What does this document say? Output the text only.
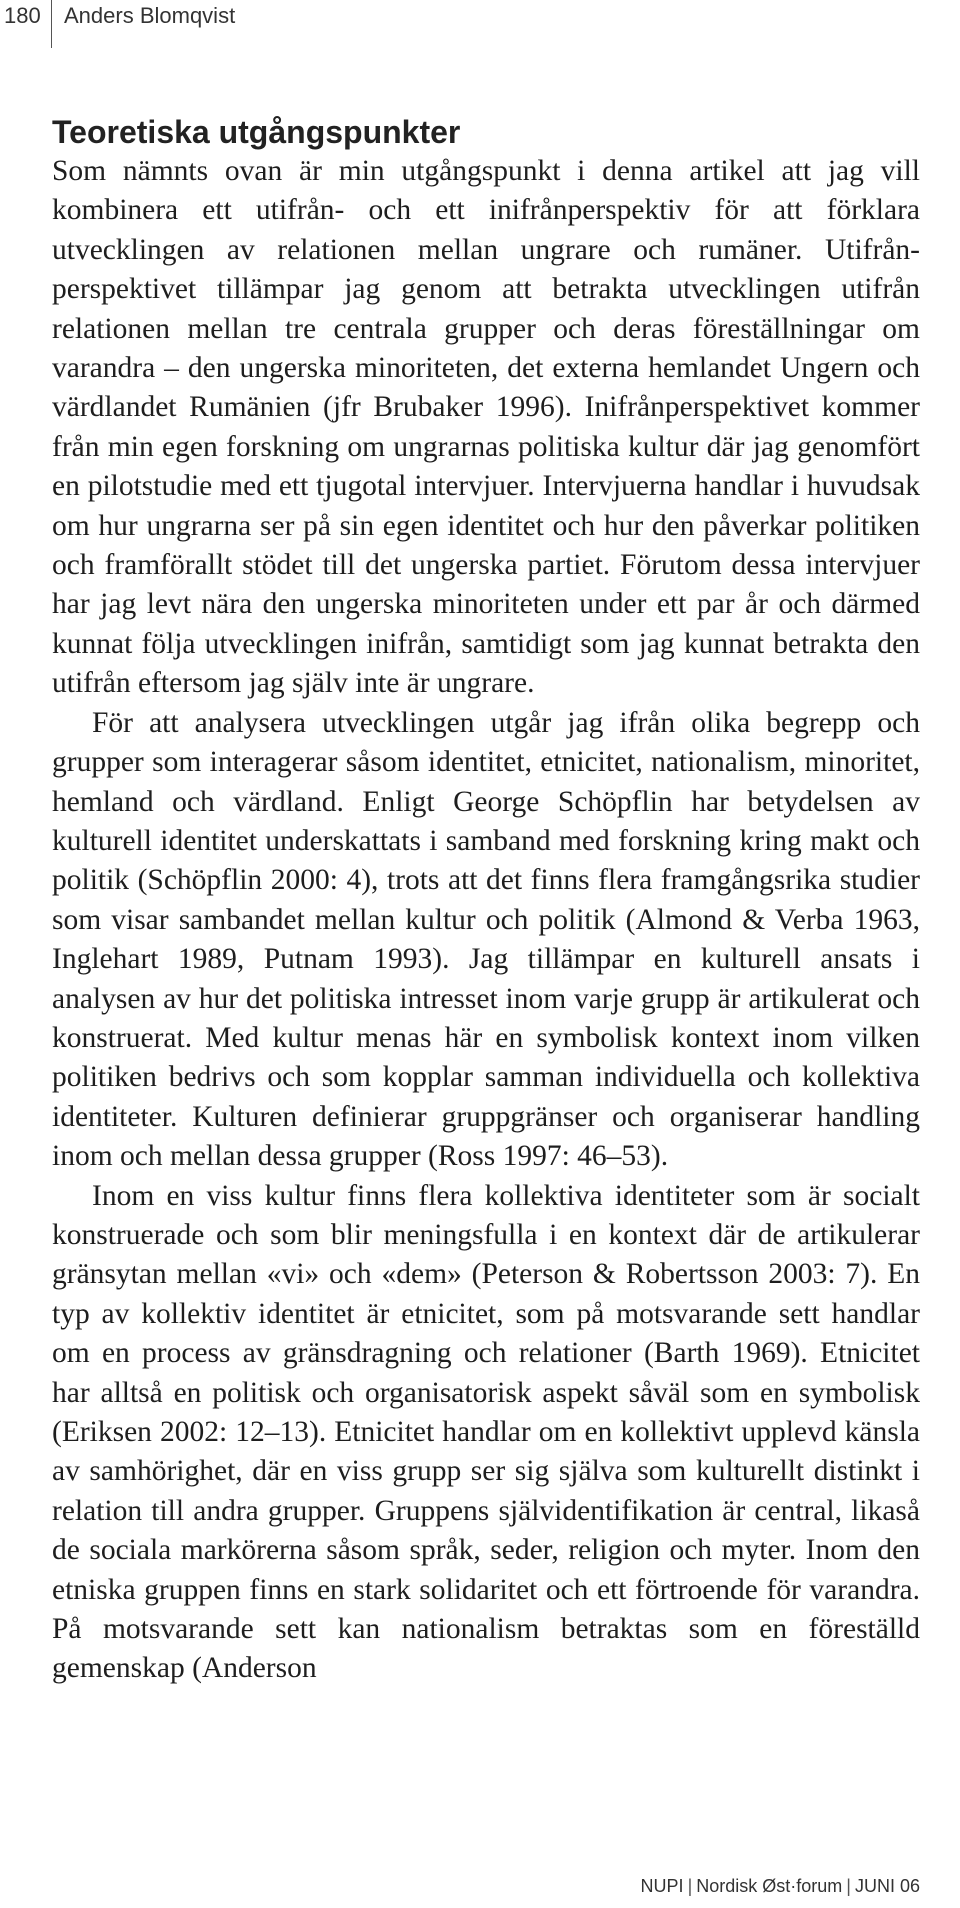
180 Anders Blomqvist
Teoretiska utgångspunkter

Som nämnts ovan är min utgångspunkt i denna artikel att jag vill kombinera ett utifrån- och ett inifrånperspektiv för att förklara utvecklingen av relationen mellan ungrare och rumäner. Utifrånperspektivet tillämpar jag genom att betrakta utvecklingen utifrån relationen mellan tre centrala grupper och deras föreställningar om varandra – den ungerska minoriteten, det externa hemlandet Ungern och värdlandet Rumänien (jfr Brubaker 1996). Inifrånperspektivet kommer från min egen forskning om ungrarnas politiska kultur där jag genomfört en pilotstudie med ett tjugotal intervjuer. Intervjuerna handlar i huvudsak om hur ungrarna ser på sin egen identitet och hur den påverkar politiken och framförallt stödet till det ungerska partiet. Förutom dessa intervjuer har jag levt nära den ungerska minoriteten under ett par år och därmed kunnat följa utvecklingen inifrån, samtidigt som jag kunnat betrakta den utifrån eftersom jag själv inte är ungrare.

För att analysera utvecklingen utgår jag ifrån olika begrepp och grupper som interagerar såsom identitet, etnicitet, nationalism, minoritet, hemland och värdland. Enligt George Schöpflin har betydelsen av kulturell identitet underskattats i samband med forskning kring makt och politik (Schöpflin 2000: 4), trots att det finns flera framgångsrika studier som visar sambandet mellan kultur och politik (Almond & Verba 1963, Inglehart 1989, Putnam 1993). Jag tillämpar en kulturell ansats i analysen av hur det politiska intresset inom varje grupp är artikulerat och konstruerat. Med kultur menas här en symbolisk kontext inom vilken politiken bedrivs och som kopplar samman individuella och kollektiva identiteter. Kulturen definierar gruppgränser och organiserar handling inom och mellan dessa grupper (Ross 1997: 46–53).

Inom en viss kultur finns flera kollektiva identiteter som är socialt konstruerade och som blir meningsfulla i en kontext där de artikulerar gränsytan mellan «vi» och «dem» (Peterson & Robertsson 2003: 7). En typ av kollektiv identitet är etnicitet, som på motsvarande sett handlar om en process av gränsdragning och relationer (Barth 1969). Etnicitet har alltså en politisk och organisatorisk aspekt såväl som en symbolisk (Eriksen 2002: 12–13). Etnicitet handlar om en kollektivt upplevd känsla av samhörighet, där en viss grupp ser sig själva som kulturellt distinkt i relation till andra grupper. Gruppens självidentifikation är central, likaså de sociala markörerna såsom språk, seder, religion och myter. Inom den etniska gruppen finns en stark solidaritet och ett förtroende för varandra. På motsvarande sett kan nationalism betraktas som en föreställd gemenskap (Anderson

NUPI | Nordisk Øst·forum | JUNI 06
